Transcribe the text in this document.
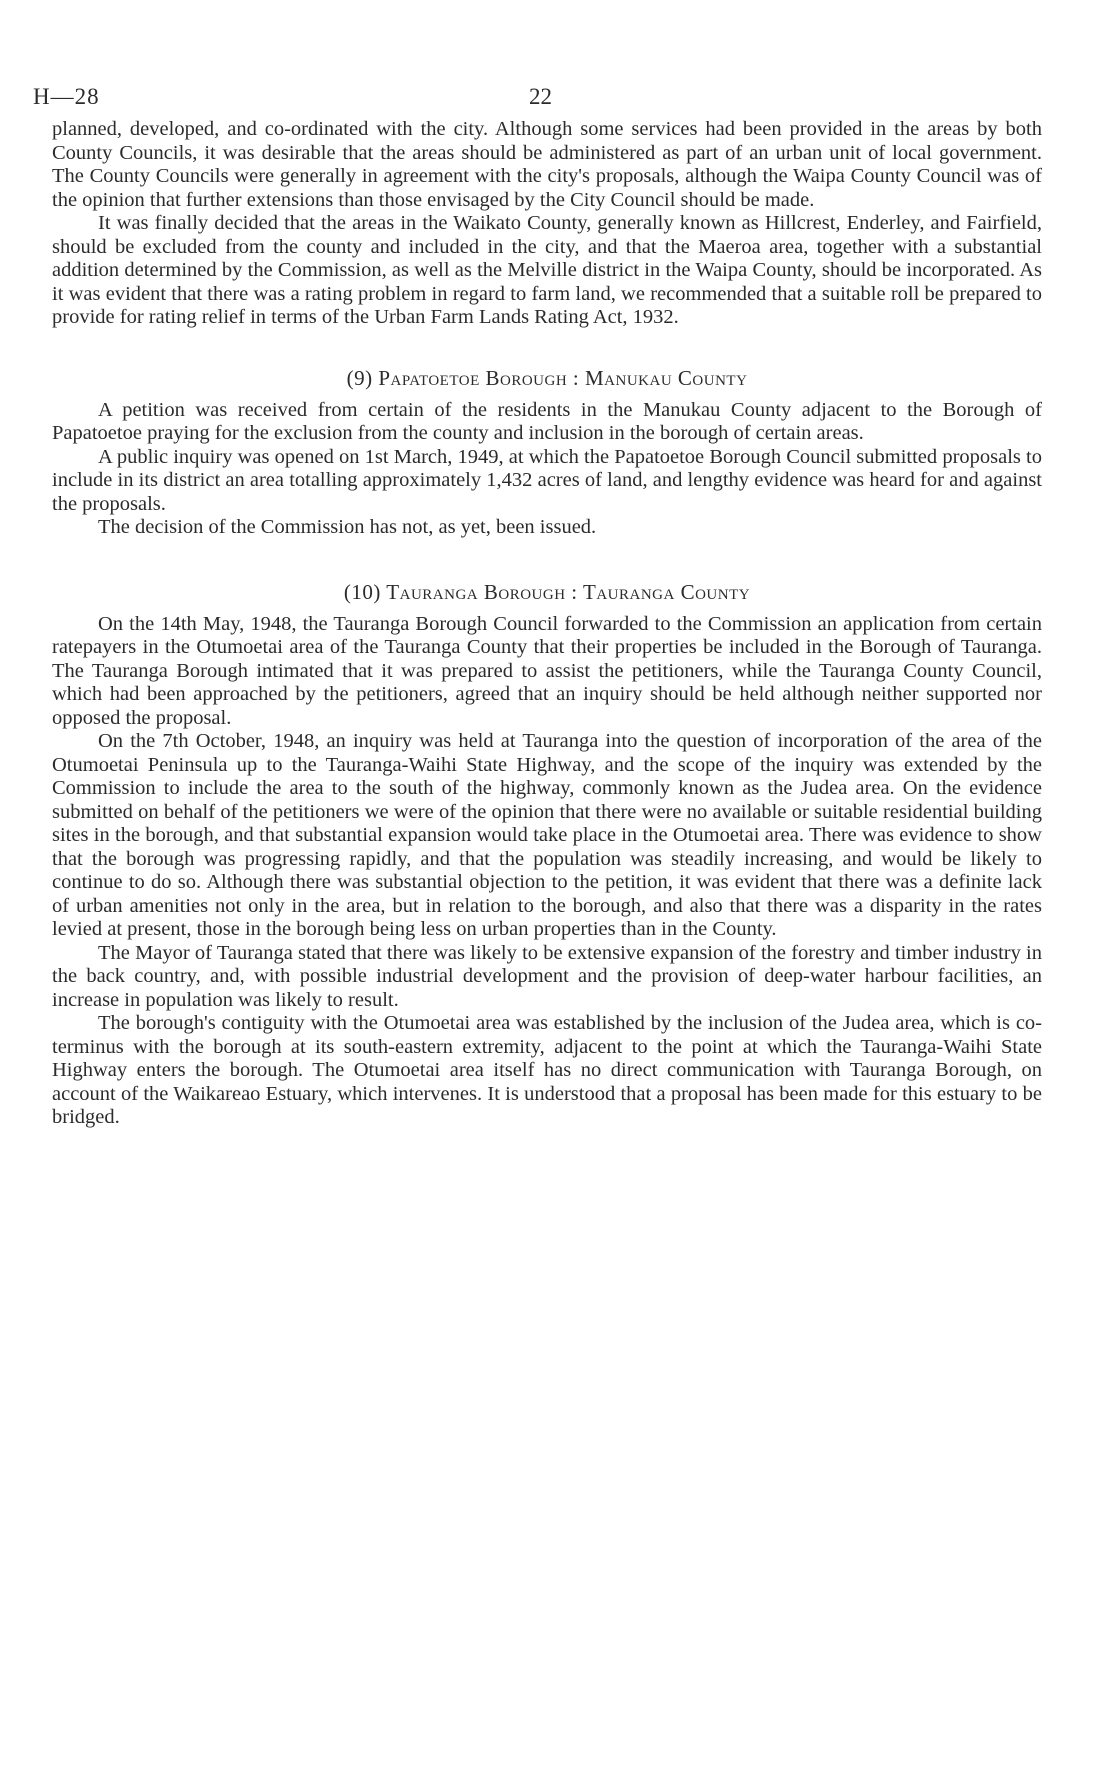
H—28	22

planned, developed, and co-ordinated with the city. Although some services had been provided in the areas by both County Councils, it was desirable that the areas should be administered as part of an urban unit of local government. The County Councils were generally in agreement with the city's proposals, although the Waipa County Council was of the opinion that further extensions than those envisaged by the City Council should be made.

It was finally decided that the areas in the Waikato County, generally known as Hillcrest, Enderley, and Fairfield, should be excluded from the county and included in the city, and that the Maeroa area, together with a substantial addition determined by the Commission, as well as the Melville district in the Waipa County, should be incorporated. As it was evident that there was a rating problem in regard to farm land, we recommended that a suitable roll be prepared to provide for rating relief in terms of the Urban Farm Lands Rating Act, 1932.

(9) Papatoetoe Borough : Manukau County

A petition was received from certain of the residents in the Manukau County adjacent to the Borough of Papatoetoe praying for the exclusion from the county and inclusion in the borough of certain areas.

A public inquiry was opened on 1st March, 1949, at which the Papatoetoe Borough Council submitted proposals to include in its district an area totalling approximately 1,432 acres of land, and lengthy evidence was heard for and against the proposals.

The decision of the Commission has not, as yet, been issued.

(10) Tauranga Borough : Tauranga County

On the 14th May, 1948, the Tauranga Borough Council forwarded to the Commission an application from certain ratepayers in the Otumoetai area of the Tauranga County that their properties be included in the Borough of Tauranga. The Tauranga Borough intimated that it was prepared to assist the petitioners, while the Tauranga County Council, which had been approached by the petitioners, agreed that an inquiry should be held although neither supported nor opposed the proposal.

On the 7th October, 1948, an inquiry was held at Tauranga into the question of incorporation of the area of the Otumoetai Peninsula up to the Tauranga-Waihi State Highway, and the scope of the inquiry was extended by the Commission to include the area to the south of the highway, commonly known as the Judea area. On the evidence submitted on behalf of the petitioners we were of the opinion that there were no available or suitable residential building sites in the borough, and that substantial expansion would take place in the Otumoetai area. There was evidence to show that the borough was progressing rapidly, and that the population was steadily increasing, and would be likely to continue to do so. Although there was substantial objection to the petition, it was evident that there was a definite lack of urban amenities not only in the area, but in relation to the borough, and also that there was a disparity in the rates levied at present, those in the borough being less on urban properties than in the County.

The Mayor of Tauranga stated that there was likely to be extensive expansion of the forestry and timber industry in the back country, and, with possible industrial development and the provision of deep-water harbour facilities, an increase in population was likely to result.

The borough's contiguity with the Otumoetai area was established by the inclusion of the Judea area, which is co-terminus with the borough at its south-eastern extremity, adjacent to the point at which the Tauranga-Waihi State Highway enters the borough. The Otumoetai area itself has no direct communication with Tauranga Borough, on account of the Waikareao Estuary, which intervenes. It is understood that a proposal has been made for this estuary to be bridged.
